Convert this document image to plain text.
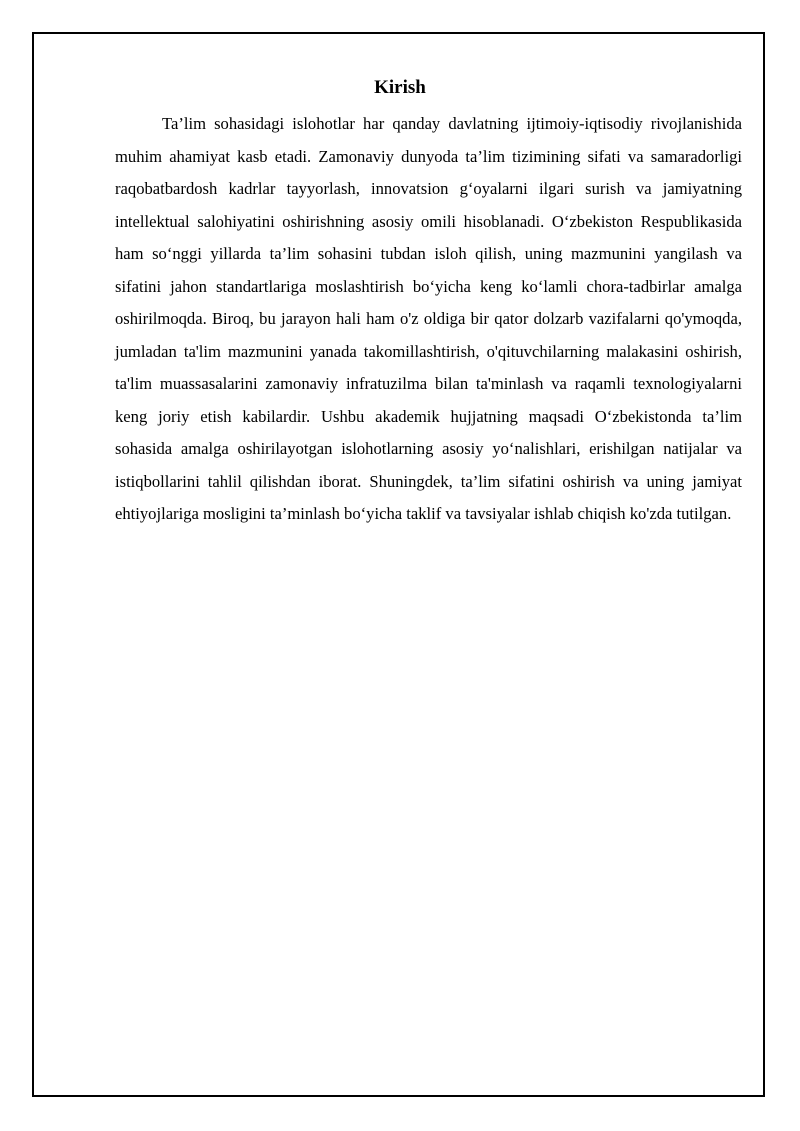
Kirish

Ta’lim sohasidagi islohotlar har qanday davlatning ijtimoiy-iqtisodiy rivojlanishida muhim ahamiyat kasb etadi. Zamonaviy dunyoda ta’lim tizimining sifati va samaradorligi raqobatbardosh kadrlar tayyorlash, innovatsion g‘oyalarni ilgari surish va jamiyatning intellektual salohiyatini oshirishning asosiy omili hisoblanadi. O‘zbekiston Respublikasida ham so‘nggi yillarda ta’lim sohasini tubdan isloh qilish, uning mazmunini yangilash va sifatini jahon standartlariga moslashtirish bo‘yicha keng ko‘lamli chora-tadbirlar amalga oshirilmoqda. Biroq, bu jarayon hali ham o'z oldiga bir qator dolzarb vazifalarni qo'ymoqda, jumladan ta'lim mazmunini yanada takomillashtirish, o'qituvchilarning malakasini oshirish, ta'lim muassasalarini zamonaviy infratuzilma bilan ta'minlash va raqamli texnologiyalarni keng joriy etish kabilardir. Ushbu akademik hujjatning maqsadi O‘zbekistonda ta’lim sohasida amalga oshirilayotgan islohotlarning asosiy yo‘nalishlari, erishilgan natijalar va istiqbollarini tahlil qilishdan iborat. Shuningdek, ta’lim sifatini oshirish va uning jamiyat ehtiyojlariga mosligini ta’minlash bo‘yicha taklif va tavsiyalar ishlab chiqish ko'zda tutilgan.
